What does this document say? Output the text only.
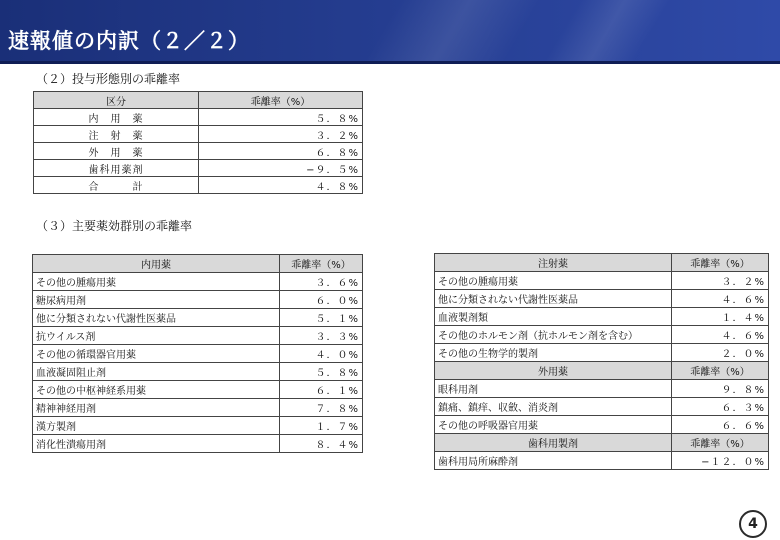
速報値の内訳（２／２）
（２）投与形態別の乖離率
区分	乖離率（%）
内　用　薬	５．８%
注　射　薬	３．２%
外　用　薬	６．８%
歯科用薬剤	−９．５%
合　　　計	４．８%
（３）主要薬効群別の乖離率
内用薬	乖離率（%）
その他の腫瘍用薬	３．６%
糖尿病用剤	６．０%
他に分類されない代謝性医薬品	５．１%
抗ウイルス剤	３．３%
その他の循環器官用薬	４．０%
血液凝固阻止剤	５．８%
その他の中枢神経系用薬	６．１%
精神神経用剤	７．８%
漢方製剤	１．７%
消化性潰瘍用剤	８．４%
注射薬	乖離率（%）
その他の腫瘍用薬	３．２%
他に分類されない代謝性医薬品	４．６%
血液製剤類	１．４%
その他のホルモン剤（抗ホルモン剤を含む）	４．６%
その他の生物学的製剤	２．０%
外用薬	乖離率（%）
眼科用剤	９．８%
鎮痛、鎮痒、収斂、消炎剤	６．３%
その他の呼吸器官用薬	６．６%
歯科用製剤	乖離率（%）
歯科用局所麻酔剤	−１２．０%
4
